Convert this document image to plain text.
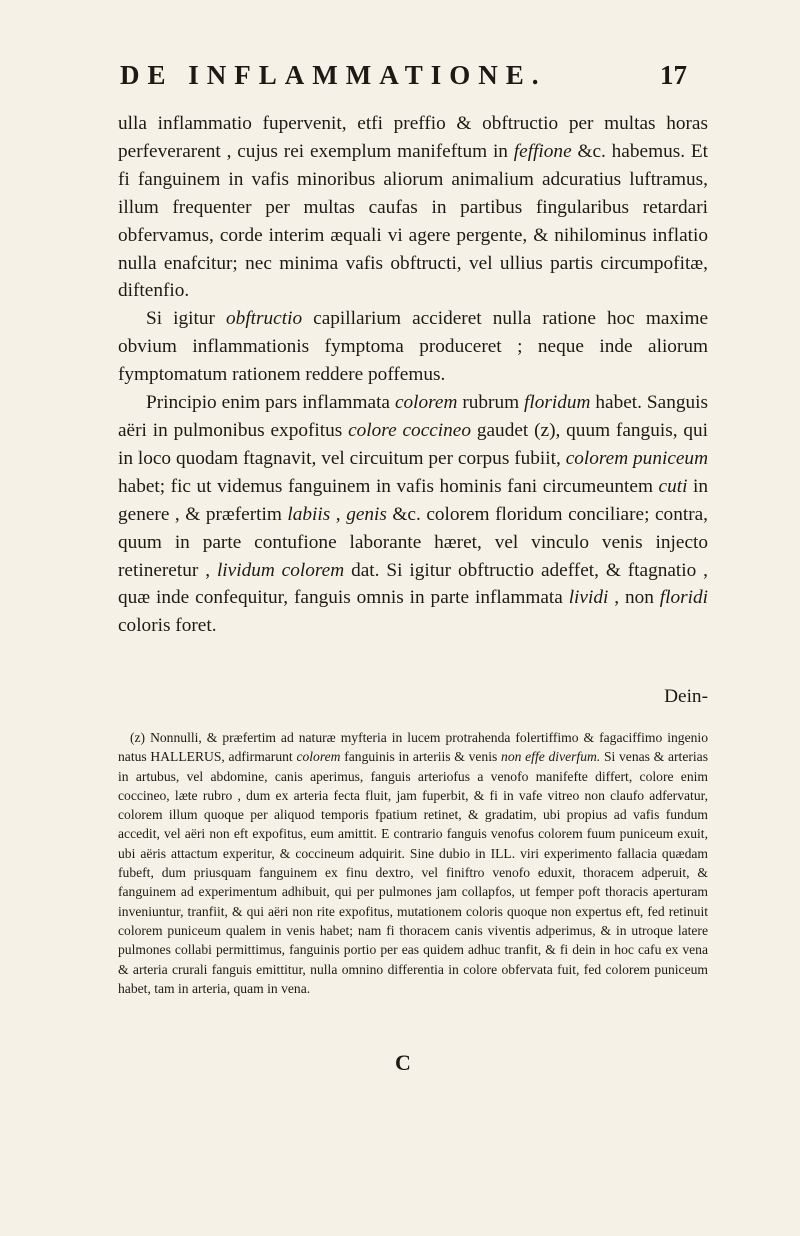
DE INFLAMMATIONE.	17

ulla inflammatio fupervenit, etfi preffio & obftructio per multas horas perfeverarent , cujus rei exemplum manifeftum in feffione &c. habemus. Et fi fanguinem in vafis minoribus aliorum animalium adcuratius luftramus, illum frequenter per multas caufas in partibus fingularibus retardari obfervamus, corde interim æquali vi agere pergente, & nihilominus inflatio nulla enafcitur; nec minima vafis obftructi, vel ullius partis circumpofitæ, diftenfio.

Si igitur obftructio capillarium accideret nulla ratione hoc maxime obvium inflammationis fymptoma produceret ; neque inde aliorum fymptomatum rationem reddere poffemus.

Principio enim pars inflammata colorem rubrum floridum habet. Sanguis aëri in pulmonibus expofitus colore coccineo gaudet (z), quum fanguis, qui in loco quodam ftagnavit, vel circuitum per corpus fubiit, colorem puniceum habet; fic ut videmus fanguinem in vafis hominis fani circumeuntem cuti in genere , & præfertim labiis , genis &c. colorem floridum conciliare; contra, quum in parte contufione laborante hæret, vel vinculo venis injecto retineretur , lividum colorem dat. Si igitur obftructio adeffet, & ftagnatio , quæ inde confequitur, fanguis omnis in parte inflammata lividi , non floridi coloris foret.

Dein-

(z) Nonnulli, & præfertim ad naturæ myfteria in lucem protrahenda folertiffimo & fagaciffimo ingenio natus HALLERUS, adfirmarunt colorem fanguinis in arteriis & venis non effe diverfum. Si venas & arterias in artubus, vel abdomine, canis aperimus, fanguis arteriofus a venofo manifefte differt, colore enim coccineo, læte rubro , dum ex arteria fecta fluit, jam fuperbit, & fi in vafe vitreo non claufo adfervatur, colorem illum quoque per aliquod temporis fpatium retinet, & gradatim, ubi propius ad vafis fundum accedit, vel aëri non eft expofitus, eum amittit. E contrario fanguis venofus colorem fuum puniceum exuit, ubi aëris attactum experitur, & coccineum adquirit. Sine dubio in ILL. viri experimento fallacia quædam fubeft, dum priusquam fanguinem ex finu dextro, vel finiftro venofo eduxit, thoracem adperuit, & fanguinem ad experimentum adhibuit, qui per pulmones jam collapfos, ut femper poft thoracis aperturam inveniuntur, tranfiit, & qui aëri non rite expofitus, mutationem coloris quoque non expertus eft, fed retinuit colorem puniceum qualem in venis habet; nam fi thoracem canis viventis adperimus, & in utroque latere pulmones collabi permittimus, fanguinis portio per eas quidem adhuc tranfit, & fi dein in hoc cafu ex vena & arteria crurali fanguis emittitur, nulla omnino differentia in colore obfervata fuit, fed colorem puniceum habet, tam in arteria, quam in vena.

C
